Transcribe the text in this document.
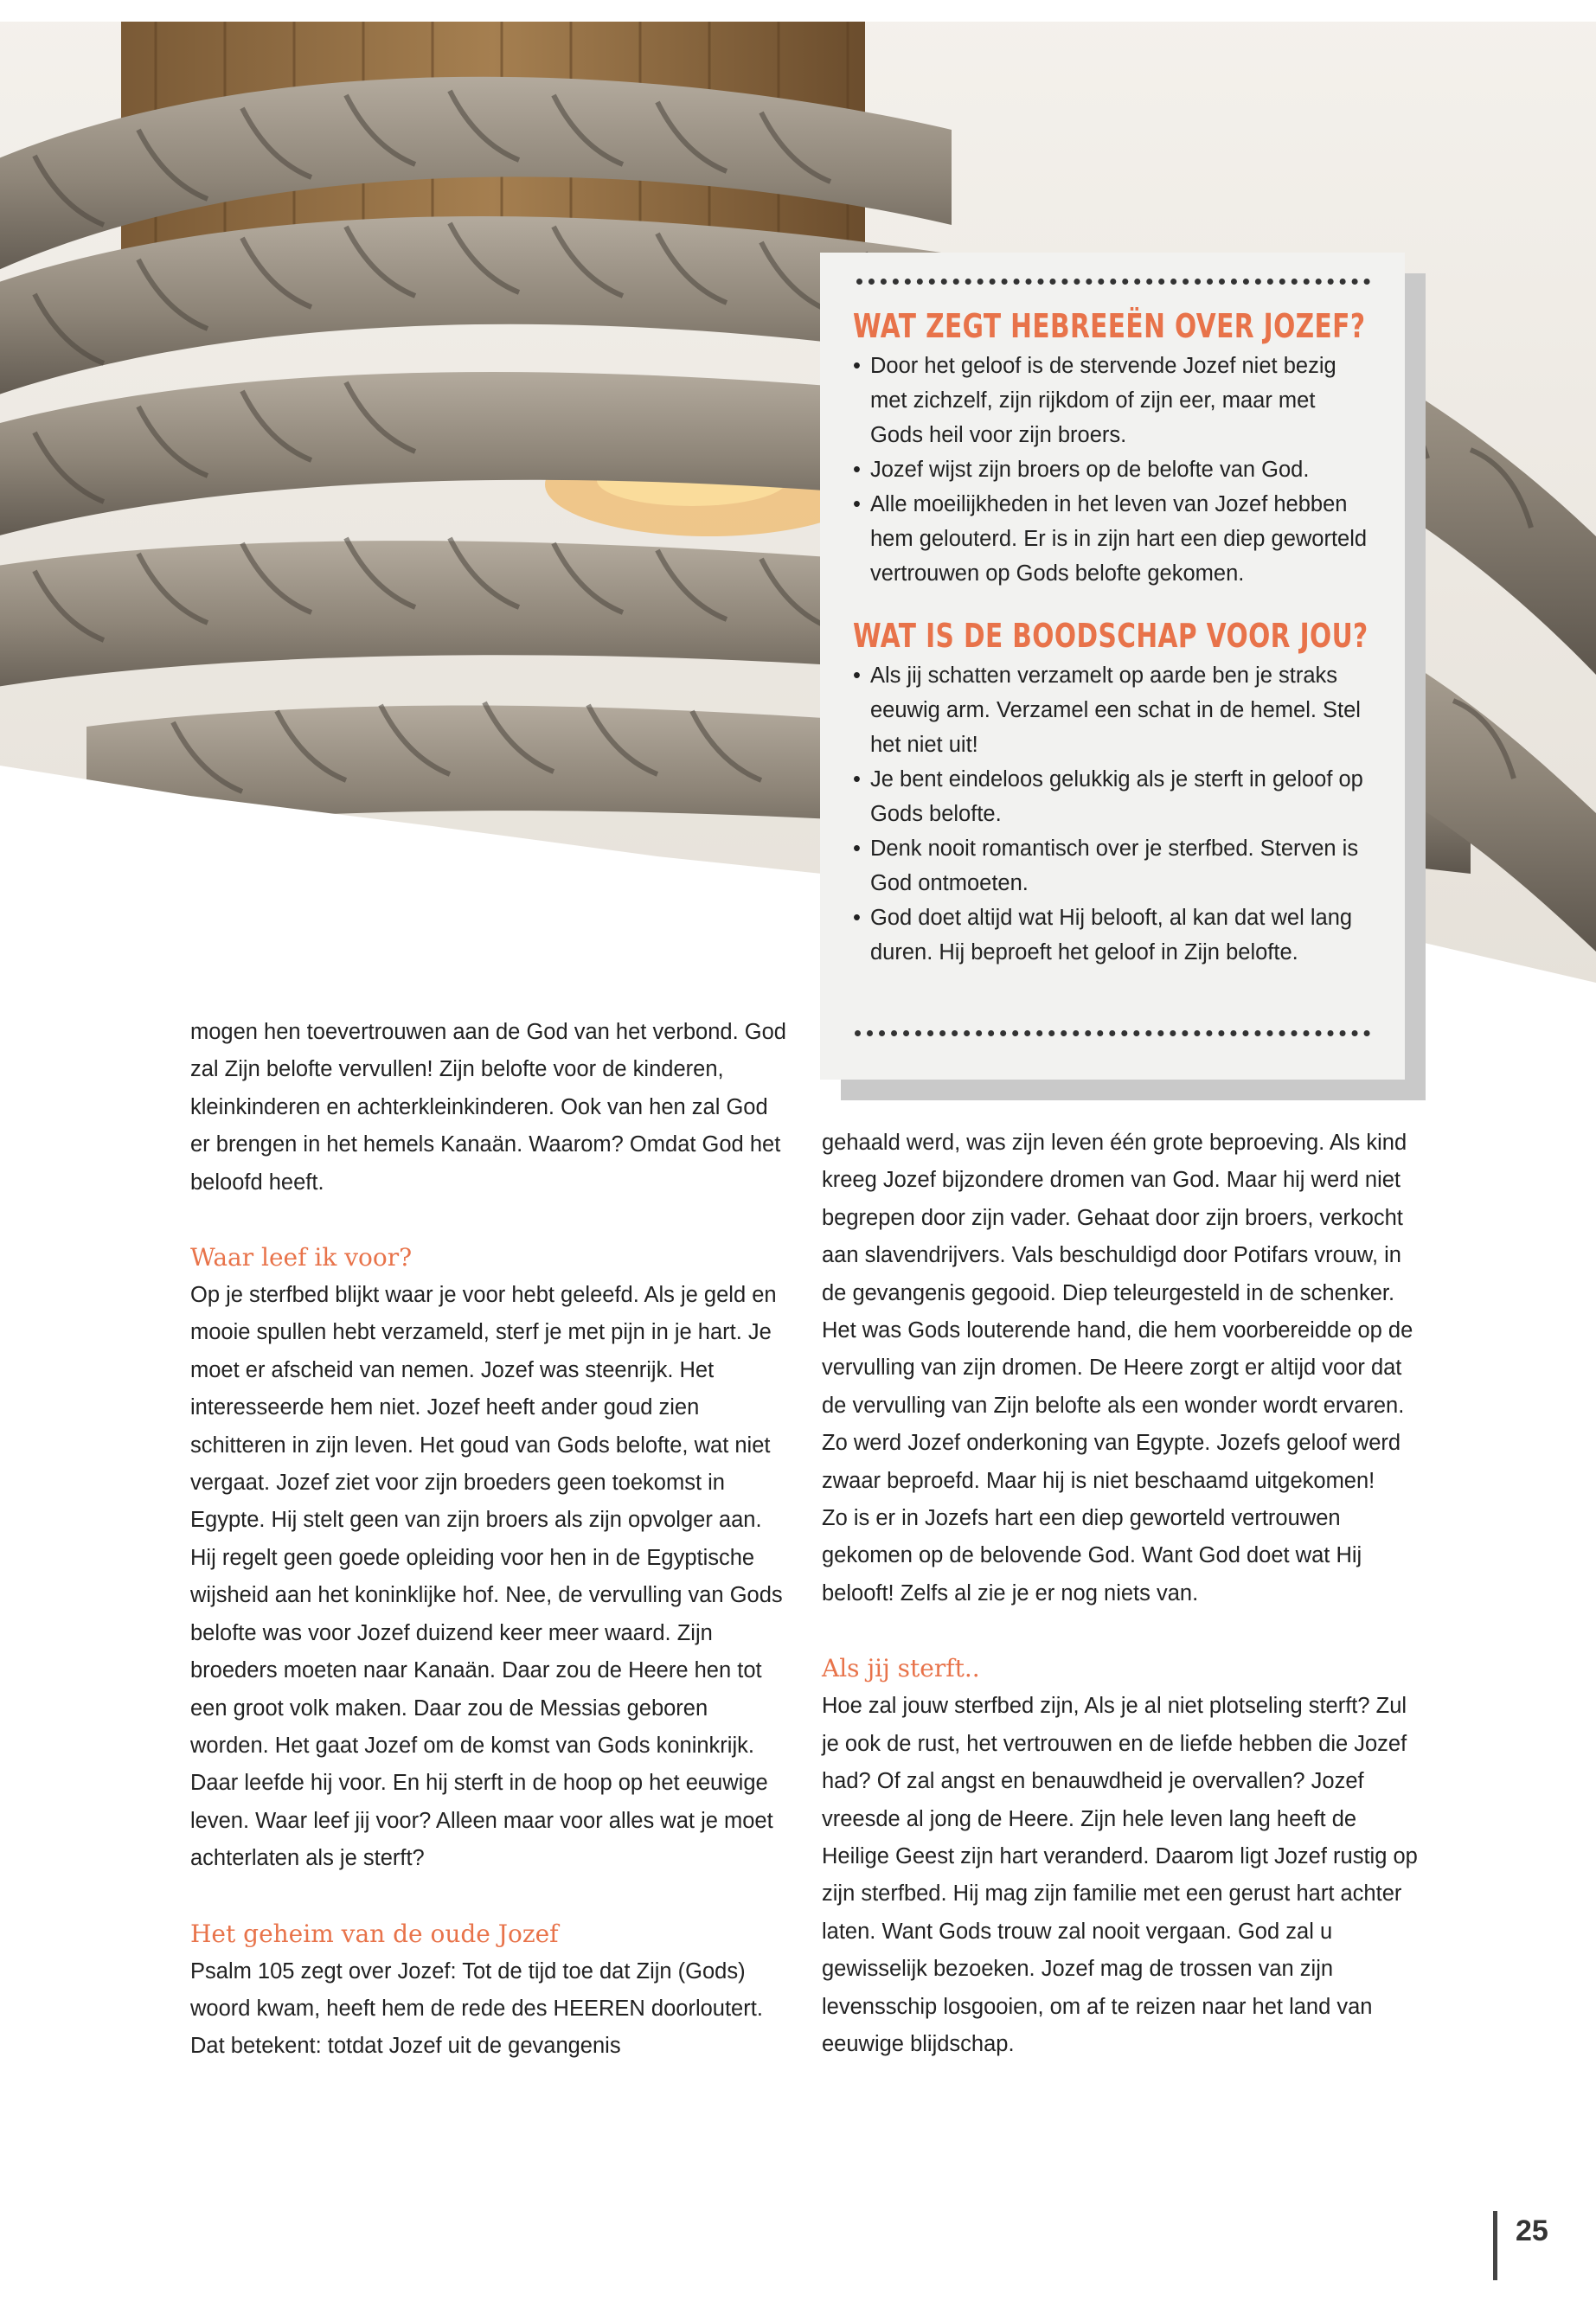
WAT ZEGT HEBREEËN OVER JOZEF?
• Door het geloof is de stervende Jozef niet bezig met zichzelf, zijn rijkdom of zijn eer, maar met Gods heil voor zijn broers.
• Jozef wijst zijn broers op de belofte van God.
• Alle moeilijkheden in het leven van Jozef hebben hem gelouterd. Er is in zijn hart een diep geworteld vertrouwen op Gods belofte gekomen.
WAT IS DE BOODSCHAP VOOR JOU?
• Als jij schatten verzamelt op aarde ben je straks eeuwig arm. Verzamel een schat in de hemel. Stel het niet uit!
• Je bent eindeloos gelukkig als je sterft in geloof op Gods belofte.
• Denk nooit romantisch over je sterfbed. Sterven is God ontmoeten.
• God doet altijd wat Hij belooft, al kan dat wel lang duren. Hij beproeft het geloof in Zijn belofte.

mogen hen toevertrouwen aan de God van het verbond. God zal Zijn belofte vervullen! Zijn belofte voor de kinderen, kleinkinderen en achterkleinkinderen. Ook van hen zal God er brengen in het hemels Kanaän. Waarom? Omdat God het beloofd heeft.

Waar leef ik voor?

Op je sterfbed blijkt waar je voor hebt geleefd. Als je geld en mooie spullen hebt verzameld, sterf je met pijn in je hart. Je moet er afscheid van nemen. Jozef was steenrijk. Het interesseerde hem niet. Jozef heeft ander goud zien schitteren in zijn leven. Het goud van Gods belofte, wat niet vergaat. Jozef ziet voor zijn broeders geen toekomst in Egypte. Hij stelt geen van zijn broers als zijn opvolger aan. Hij regelt geen goede opleiding voor hen in de Egyptische wijsheid aan het koninklijke hof. Nee, de vervulling van Gods belofte was voor Jozef duizend keer meer waard. Zijn broeders moeten naar Kanaän. Daar zou de Heere hen tot een groot volk maken. Daar zou de Messias geboren worden. Het gaat Jozef om de komst van Gods koninkrijk. Daar leefde hij voor. En hij sterft in de hoop op het eeuwige leven. Waar leef jij voor? Alleen maar voor alles wat je moet achterlaten als je sterft?

Het geheim van de oude Jozef

Psalm 105 zegt over Jozef: Tot de tijd toe dat Zijn (Gods) woord kwam, heeft hem de rede des HEEREN doorloutert. Dat betekent: totdat Jozef uit de gevangenis

gehaald werd, was zijn leven één grote beproeving. Als kind kreeg Jozef bijzondere dromen van God. Maar hij werd niet begrepen door zijn vader. Gehaat door zijn broers, verkocht aan slavendrijvers. Vals beschuldigd door Potifars vrouw, in de gevangenis gegooid. Diep teleurgesteld in de schenker. Het was Gods louterende hand, die hem voorbereidde op de vervulling van zijn dromen. De Heere zorgt er altijd voor dat de vervulling van Zijn belofte als een wonder wordt ervaren. Zo werd Jozef onderkoning van Egypte. Jozefs geloof werd zwaar beproefd. Maar hij is niet beschaamd uitgekomen!

Zo is er in Jozefs hart een diep geworteld vertrouwen gekomen op de belovende God. Want God doet wat Hij belooft! Zelfs al zie je er nog niets van.

Als jij sterft..

Hoe zal jouw sterfbed zijn, Als je al niet plotseling sterft? Zul je ook de rust, het vertrouwen en de liefde hebben die Jozef had? Of zal angst en benauwdheid je overvallen? Jozef vreesde al jong de Heere. Zijn hele leven lang heeft de Heilige Geest zijn hart veranderd. Daarom ligt Jozef rustig op zijn sterfbed. Hij mag zijn familie met een gerust hart achter laten. Want Gods trouw zal nooit vergaan. God zal u gewisselijk bezoeken. Jozef mag de trossen van zijn levensschip losgooien, om af te reizen naar het land van eeuwige blijdschap.

25
